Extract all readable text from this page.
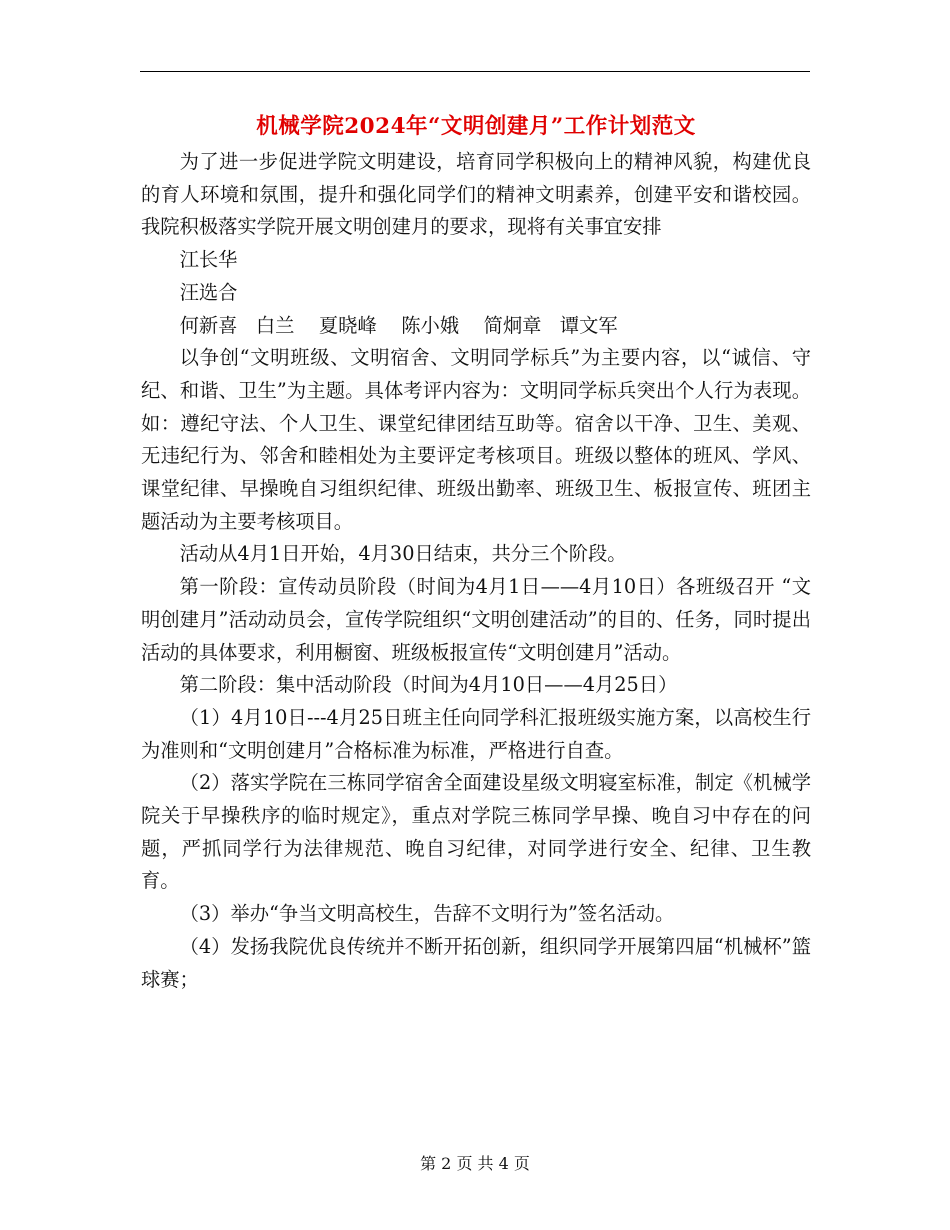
机械学院2024年“文明创建月”工作计划范文

为了进一步促进学院文明建设，培育同学积极向上的精神风貌，构建优良的育人环境和氛围，提升和强化同学们的精神文明素养，创建平安和谐校园。我院积极落实学院开展文明创建月的要求，现将有关事宜安排

江长华

汪选合

何新喜   白兰    夏晓峰    陈小娥    简炯章   谭文军

以争创“文明班级、文明宿舍、文明同学标兵”为主要内容，以“诚信、守纪、和谐、卫生”为主题。具体考评内容为：文明同学标兵突出个人行为表现。如：遵纪守法、个人卫生、课堂纪律团结互助等。宿舍以干净、卫生、美观、无违纪行为、邻舍和睦相处为主要评定考核项目。班级以整体的班风、学风、课堂纪律、早操晚自习组织纪律、班级出勤率、班级卫生、板报宣传、班团主题活动为主要考核项目。

活动从4月1日开始，4月30日结束，共分三个阶段。

第一阶段：宣传动员阶段（时间为4月1日——4月10日）各班级召开 “文明创建月”活动动员会，宣传学院组织“文明创建活动”的目的、任务，同时提出活动的具体要求，利用橱窗、班级板报宣传“文明创建月”活动。

第二阶段：集中活动阶段（时间为4月10日——4月25日）

（1）4月10日---4月25日班主任向同学科汇报班级实施方案，以高校生行为准则和“文明创建月”合格标准为标准，严格进行自查。

（2）落实学院在三栋同学宿舍全面建设星级文明寝室标准，制定《机械学院关于早操秩序的临时规定》，重点对学院三栋同学早操、晚自习中存在的问题，严抓同学行为法律规范、晚自习纪律，对同学进行安全、纪律、卫生教育。

（3）举办“争当文明高校生，告辞不文明行为”签名活动。

（4）发扬我院优良传统并不断开拓创新，组织同学开展第四届“机械杯”篮球赛；

第 2 页 共 4 页
